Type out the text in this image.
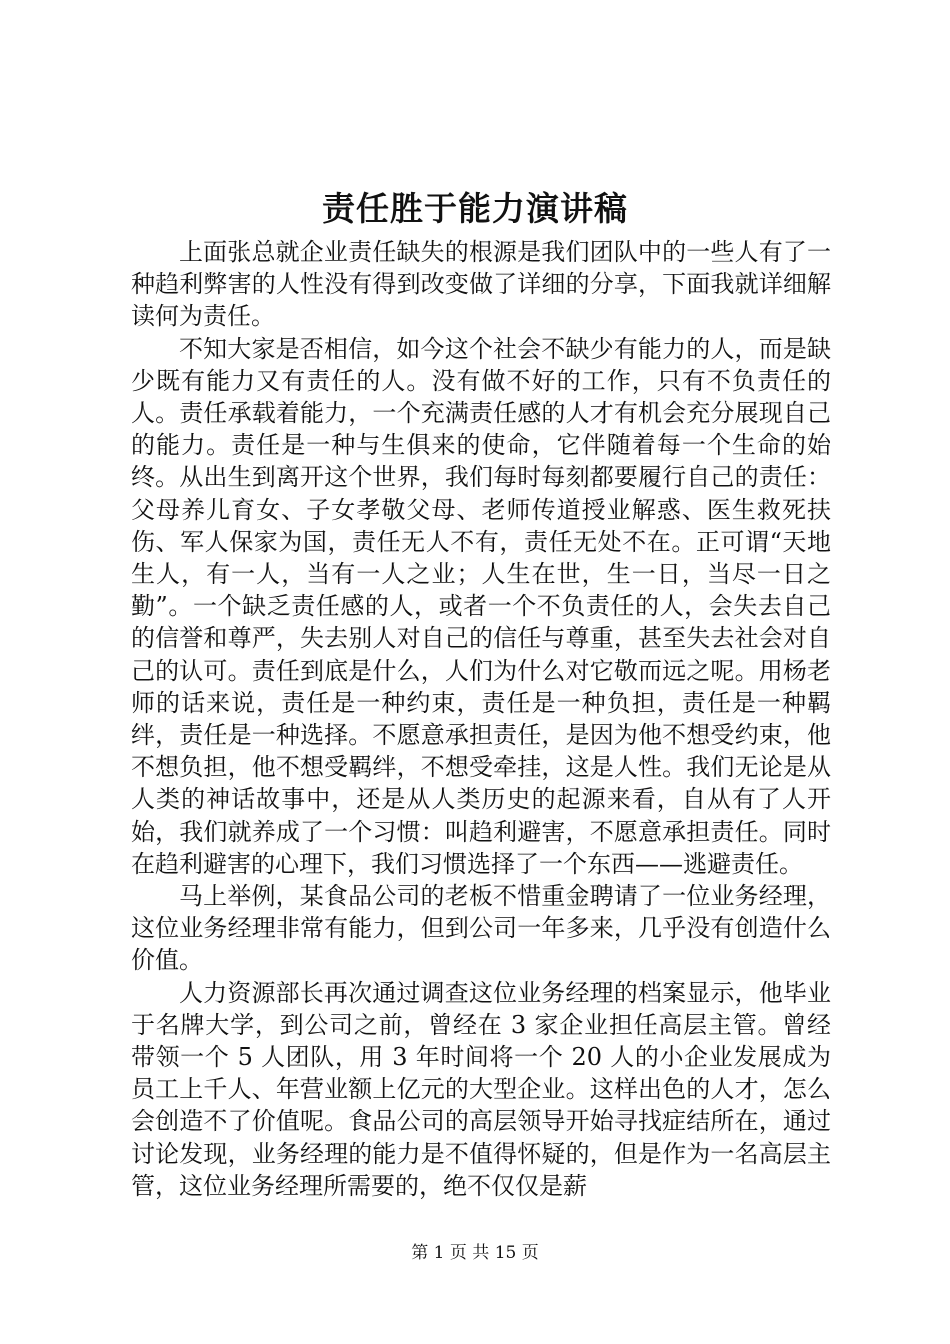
责任胜于能力演讲稿

上面张总就企业责任缺失的根源是我们团队中的一些人有了一种趋利弊害的人性没有得到改变做了详细的分享，下面我就详细解读何为责任。

不知大家是否相信，如今这个社会不缺少有能力的人，而是缺少既有能力又有责任的人。没有做不好的工作，只有不负责任的人。责任承载着能力，一个充满责任感的人才有机会充分展现自己的能力。责任是一种与生俱来的使命，它伴随着每一个生命的始终。从出生到离开这个世界，我们每时每刻都要履行自己的责任：父母养儿育女、子女孝敬父母、老师传道授业解惑、医生救死扶伤、军人保家为国，责任无人不有，责任无处不在。正可谓“天地生人，有一人，当有一人之业；人生在世，生一日，当尽一日之勤”。一个缺乏责任感的人，或者一个不负责任的人，会失去自己的信誉和尊严，失去别人对自己的信任与尊重，甚至失去社会对自己的认可。责任到底是什么，人们为什么对它敬而远之呢。用杨老师的话来说，责任是一种约束，责任是一种负担，责任是一种羁绊，责任是一种选择。不愿意承担责任，是因为他不想受约束，他不想负担，他不想受羁绊，不想受牵挂，这是人性。我们无论是从人类的神话故事中，还是从人类历史的起源来看，自从有了人开始，我们就养成了一个习惯：叫趋利避害，不愿意承担责任。同时在趋利避害的心理下，我们习惯选择了一个东西——逃避责任。

马上举例，某食品公司的老板不惜重金聘请了一位业务经理，这位业务经理非常有能力，但到公司一年多来，几乎没有创造什么价值。

人力资源部长再次通过调查这位业务经理的档案显示，他毕业于名牌大学，到公司之前，曾经在 3 家企业担任高层主管。曾经带领一个 5 人团队，用 3 年时间将一个 20 人的小企业发展成为员工上千人、年营业额上亿元的大型企业。这样出色的人才，怎么会创造不了价值呢。食品公司的高层领导开始寻找症结所在，通过讨论发现，业务经理的能力是不值得怀疑的，但是作为一名高层主管，这位业务经理所需要的，绝不仅仅是薪

第 1 页 共 15 页
